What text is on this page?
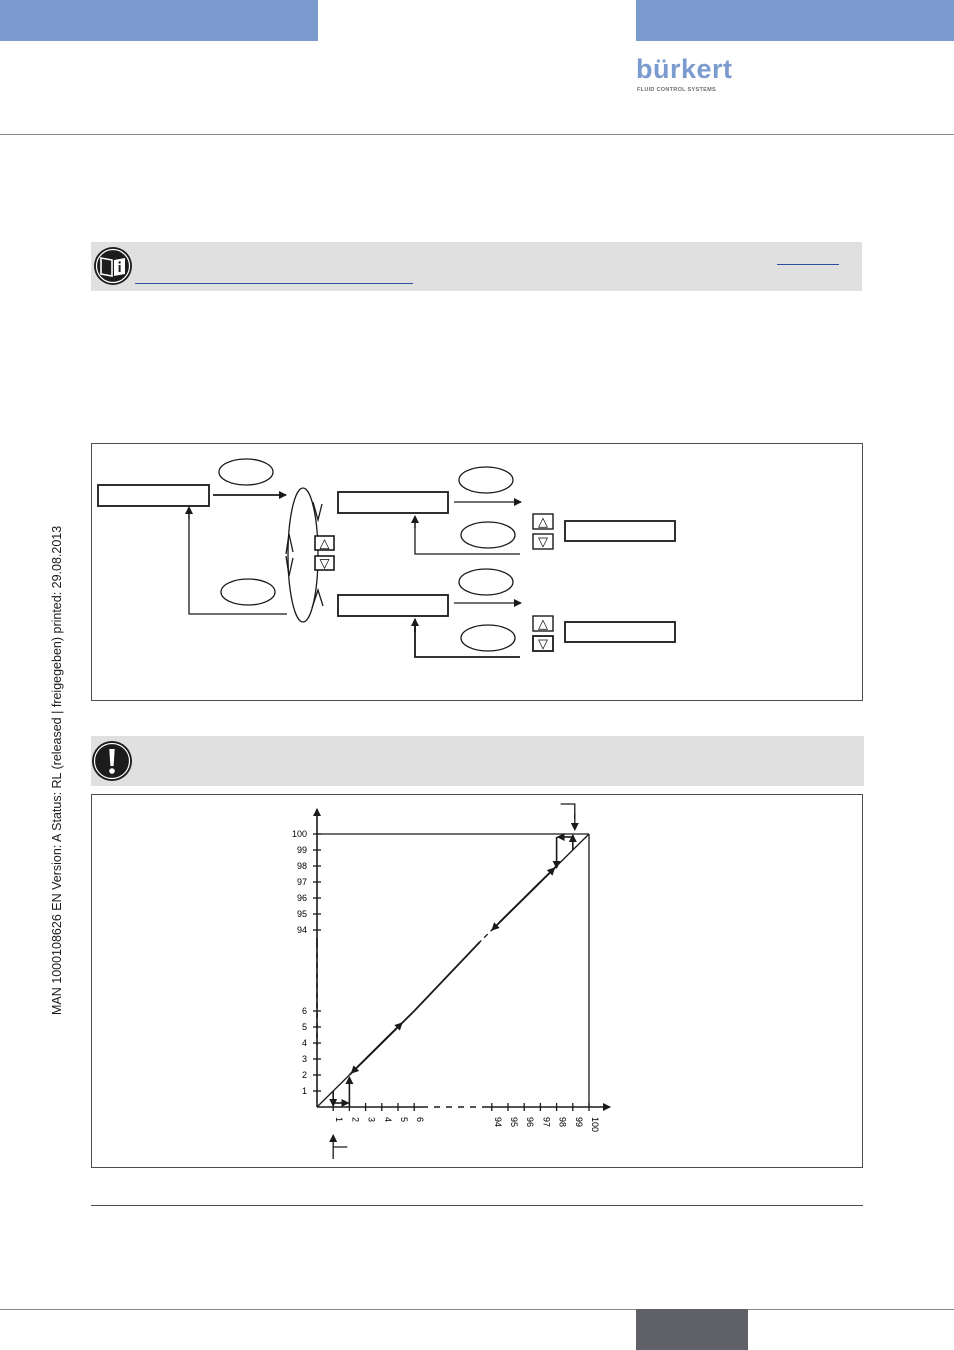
bürkert
FLUID CONTROL SYSTEMS
△
▽
△
▽
△
▽
1
2
3
4
5
6
94
95
96
97
98
99
100
1 2 3 4 5 6	94 95 96 97 98 99 100
MAN 1000108626 EN Version: A Status: RL (released | freigegeben) printed: 29.08.2013
